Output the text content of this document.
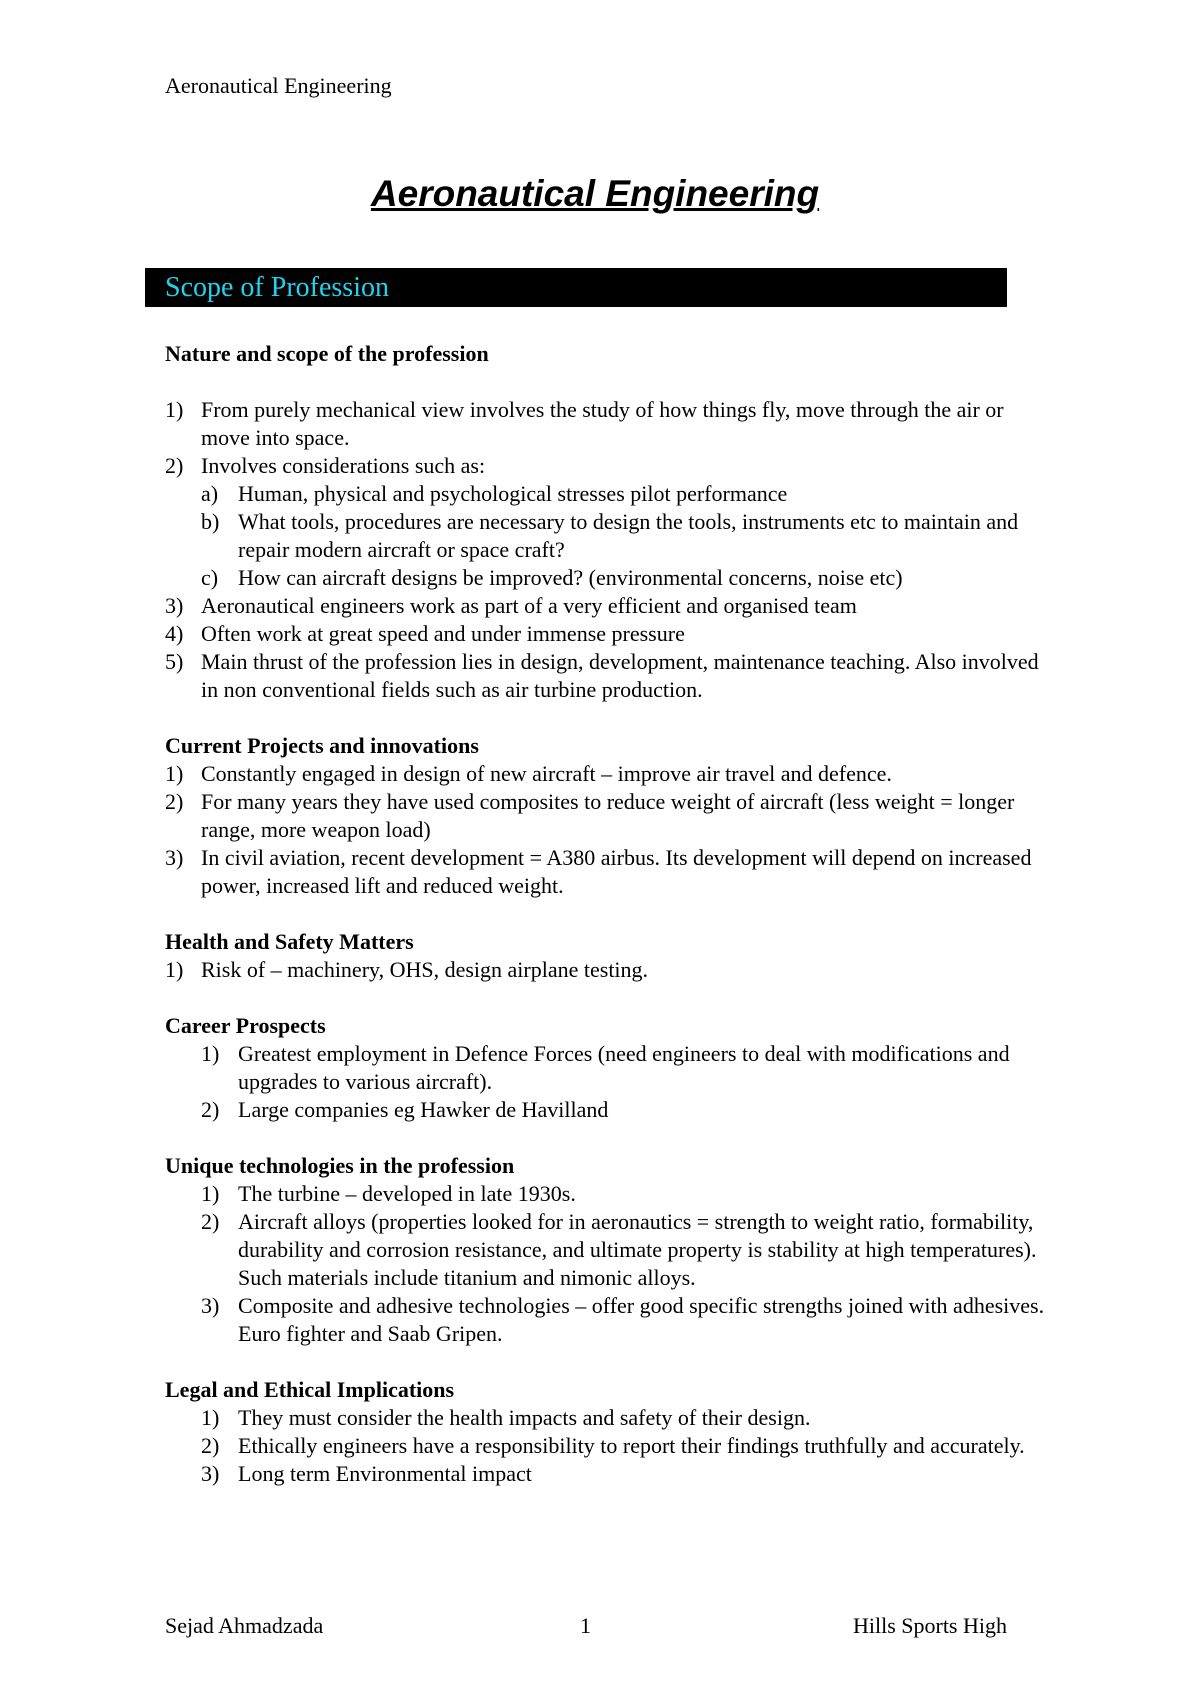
Aeronautical Engineering
Aeronautical Engineering
Scope of Profession

Nature and scope of the profession

1) From purely mechanical view involves the study of how things fly, move through the air or move into space.
2) Involves considerations such as:
a) Human, physical and psychological stresses pilot performance
b) What tools, procedures are necessary to design the tools, instruments etc to maintain and repair modern aircraft or space craft?
c) How can aircraft designs be improved? (environmental concerns, noise etc)
3) Aeronautical engineers work as part of a very efficient and organised team
4) Often work at great speed and under immense pressure
5) Main thrust of the profession lies in design, development, maintenance teaching. Also involved in non conventional fields such as air turbine production.

Current Projects and innovations

1) Constantly engaged in design of new aircraft – improve air travel and defence.
2) For many years they have used composites to reduce weight of aircraft (less weight = longer range, more weapon load)
3) In civil aviation, recent development = A380 airbus. Its development will depend on increased power, increased lift and reduced weight.

Health and Safety Matters

1) Risk of – machinery, OHS, design airplane testing.

Career Prospects

1) Greatest employment in Defence Forces (need engineers to deal with modifications and upgrades to various aircraft).
2) Large companies eg Hawker de Havilland

Unique technologies in the profession

1) The turbine – developed in late 1930s.
2) Aircraft alloys (properties looked for in aeronautics = strength to weight ratio, formability, durability and corrosion resistance, and ultimate property is stability at high temperatures). Such materials include titanium and nimonic alloys.
3) Composite and adhesive technologies – offer good specific strengths joined with adhesives. Euro fighter and Saab Gripen.

Legal and Ethical Implications

1) They must consider the health impacts and safety of their design.
2) Ethically engineers have a responsibility to report their findings truthfully and accurately.
3) Long term Environmental impact
Sejad Ahmadzada	1	Hills Sports High
